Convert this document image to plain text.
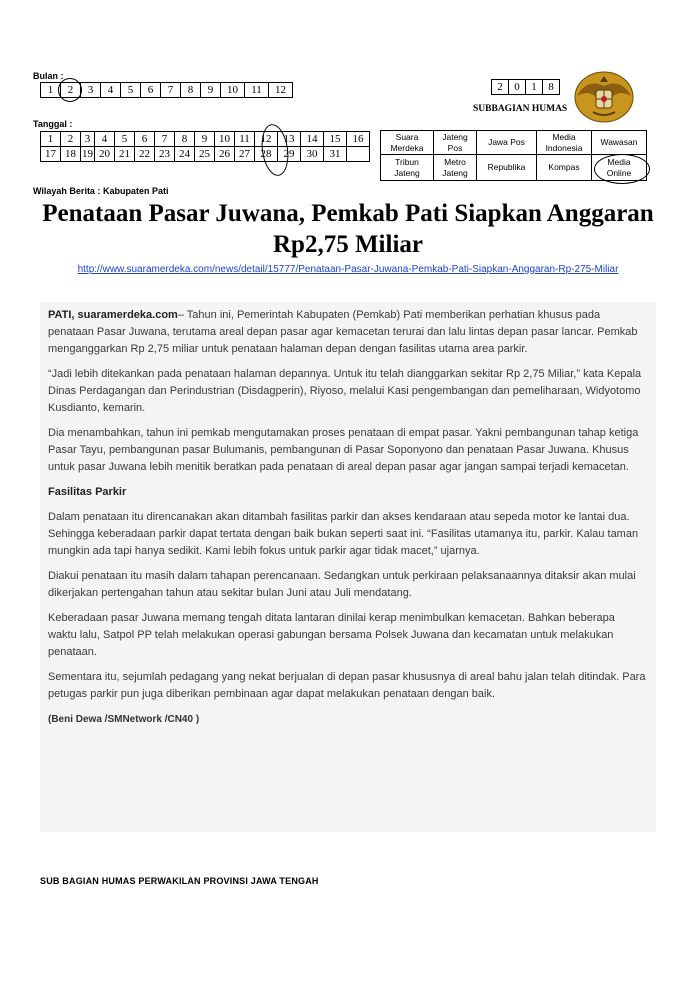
Bulan :
1	2	3	4	5	6	7	8	9	10	11	12
Tanggal :
1	2	3	4	5	6	7	8	9	10	11	12	13	14	15	16
17	18	19	20	21	22	23	24	25	26	27	28	29	30	31	
2	0	1	8
SUBBAGIAN HUMAS
Suara Merdeka	Jateng Pos	Jawa Pos	Media Indonesia	Wawasan
Tribun Jateng	Metro Jateng	Republika	Kompas	Media Online
Wilayah Berita : Kabupaten Pati
Penataan Pasar Juwana, Pemkab Pati Siapkan Anggaran Rp2,75 Miliar
http://www.suaramerdeka.com/news/detail/15777/Penataan-Pasar-Juwana-Pemkab-Pati-Siapkan-Anggaran-Rp-275-Miliar

PATI, suaramerdeka.com– Tahun ini, Pemerintah Kabupaten (Pemkab) Pati memberikan perhatian khusus pada penataan Pasar Juwana, terutama areal depan pasar agar kemacetan terurai dan lalu lintas depan pasar lancar. Pemkab menganggarkan Rp 2,75 miliar untuk penataan halaman depan dengan fasilitas utama area parkir.

“Jadi lebih ditekankan pada penataan halaman depannya. Untuk itu telah dianggarkan sekitar Rp 2,75 Miliar,” kata Kepala Dinas Perdagangan dan Perindustrian (Disdagperin), Riyoso, melalui Kasi pengembangan dan pemeliharaan, Widyotomo Kusdianto, kemarin.

Dia menambahkan, tahun ini pemkab mengutamakan proses penataan di empat pasar. Yakni pembangunan tahap ketiga Pasar Tayu, pembangunan pasar Bulumanis, pembangunan di Pasar Soponyono dan penataan Pasar Juwana. Khusus untuk pasar Juwana lebih menitik beratkan pada penataan di areal depan pasar agar jangan sampai terjadi kemacetan.

Fasilitas Parkir

Dalam penataan itu direncanakan akan ditambah fasilitas parkir dan akses kendaraan atau sepeda motor ke lantai dua. Sehingga keberadaan parkir dapat tertata dengan baik bukan seperti saat ini. “Fasilitas utamanya itu, parkir. Kalau taman mungkin ada tapi hanya sedikit. Kami lebih fokus untuk parkir agar tidak macet,” ujarnya.

Diakui penataan itu masih dalam tahapan perencanaan. Sedangkan untuk perkiraan pelaksanaannya ditaksir akan mulai dikerjakan pertengahan tahun atau sekitar bulan Juni atau Juli mendatang.

Keberadaan pasar Juwana memang tengah ditata lantaran dinilai kerap menimbulkan kemacetan. Bahkan beberapa waktu lalu, Satpol PP telah melakukan operasi gabungan bersama Polsek Juwana dan kecamatan untuk melakukan penataan.

Sementara itu, sejumlah pedagang yang nekat berjualan di depan pasar khususnya di areal bahu jalan telah ditindak. Para petugas parkir pun juga diberikan pembinaan agar dapat melakukan penataan dengan baik.

(Beni Dewa /SMNetwork /CN40 )
SUB BAGIAN HUMAS PERWAKILAN PROVINSI JAWA TENGAH
